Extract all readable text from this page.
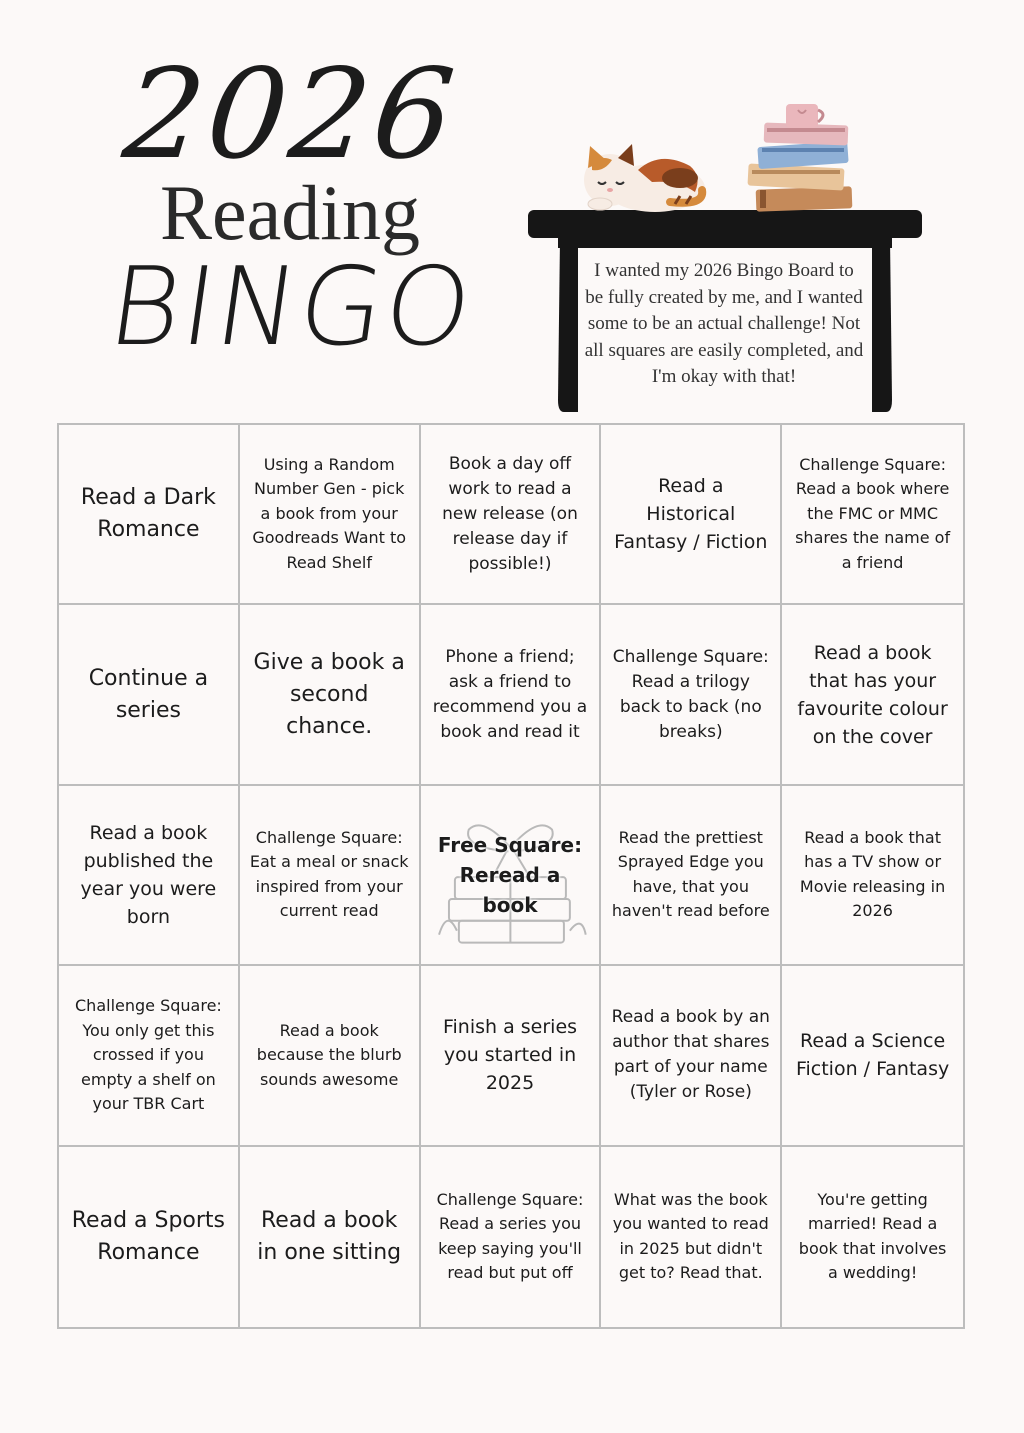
2026
Reading
BINGO	I wanted my 2026 Bingo Board to be fully created by me, and I wanted some to be an actual challenge! Not all squares are easily completed, and I'm okay with that!
Read a Dark Romance
Using a Random Number Gen - pick a book from your Goodreads Want to Read Shelf
Book a day off work to read a new release (on release day if possible!)
Read a Historical Fantasy / Fiction
Challenge Square: Read a book where the FMC or MMC shares the name of a friend
Continue a series
Give a book a second chance.
Phone a friend; ask a friend to recommend you a book and read it
Challenge Square: Read a trilogy back to back (no breaks)
Read a book that has your favourite colour on the cover
Read a book published the year you were born
Challenge Square: Eat a meal or snack inspired from your current read
Free Square: Reread a book
Read the prettiest Sprayed Edge you have, that you haven't read before
Read a book that has a TV show or Movie releasing in 2026
Challenge Square: You only get this crossed if you empty a shelf on your TBR Cart
Read a book because the blurb sounds awesome
Finish a series you started in 2025
Read a book by an author that shares part of your name (Tyler or Rose)
Read a Science Fiction / Fantasy
Read a Sports Romance
Read a book in one sitting
Challenge Square: Read a series you keep saying you'll read but put off
What was the book you wanted to read in 2025 but didn't get to? Read that.
You're getting married! Read a book that involves a wedding!
